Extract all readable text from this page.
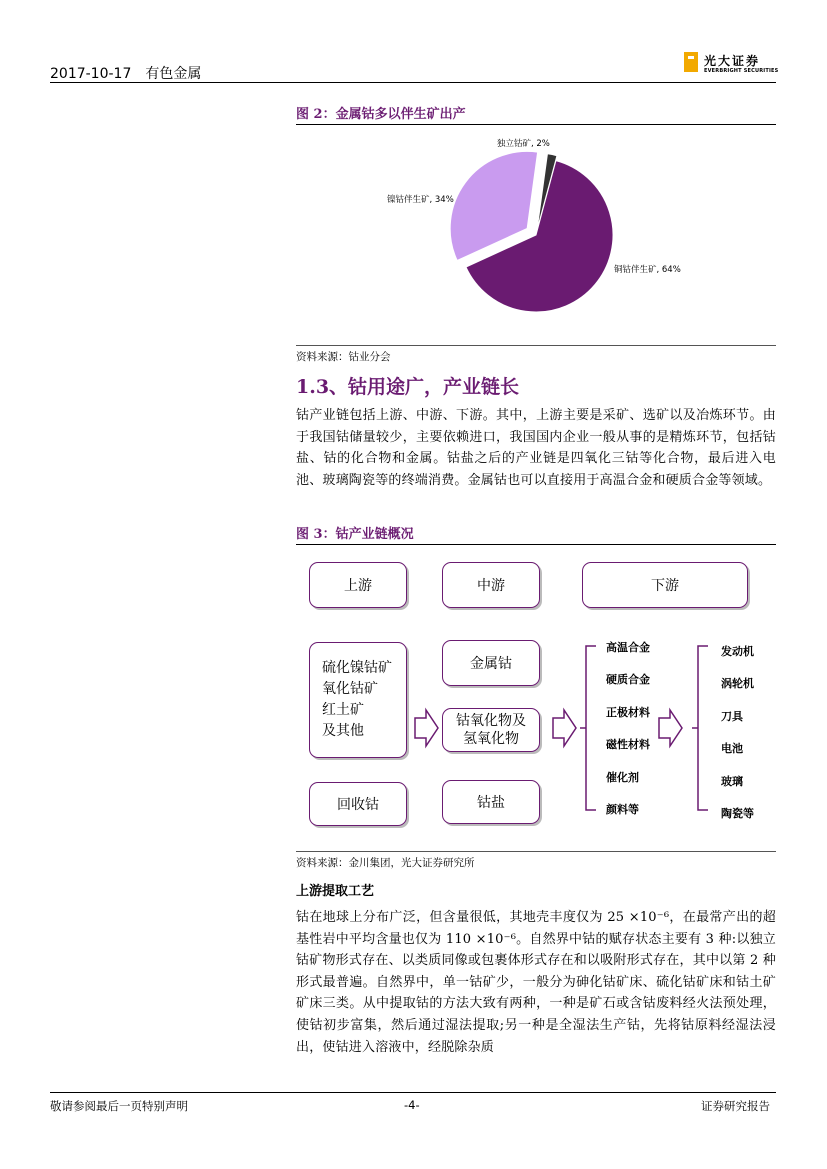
2017-10-17 有色金属
光大证券
EVERBRIGHT SECURITIES
图 2：金属钴多以伴生矿出产
独立钴矿, 2%
镍钴伴生矿, 34%
铜钴伴生矿, 64%
资料来源：钴业分会
1.3、钴用途广，产业链长
钴产业链包括上游、中游、下游。其中，上游主要是采矿、选矿以及冶炼环节。由于我国钴储量较少，主要依赖进口，我国国内企业一般从事的是精炼环节，包括钴盐、钴的化合物和金属。钴盐之后的产业链是四氧化三钴等化合物，最后进入电池、玻璃陶瓷等的终端消费。金属钴也可以直接用于高温合金和硬质合金等领域。
图 3：钴产业链概况
上游	中游	下游
硫化镍钴矿
氧化钴矿
红土矿
及其他
回收钴
金属钴
钴氧化物及
氢氧化物
钴盐
高温合金
硬质合金
正极材料
磁性材料
催化剂
颜料等
发动机
涡轮机
刀具
电池
玻璃
陶瓷等
资料来源：金川集团，光大证券研究所
上游提取工艺
钴在地球上分布广泛，但含量很低，其地壳丰度仅为 25 ×10⁻⁶，在最常产出的超基性岩中平均含量也仅为 110 ×10⁻⁶。自然界中钴的赋存状态主要有 3 种:以独立钴矿物形式存在、以类质同像或包裹体形式存在和以吸附形式存在，其中以第 2 种形式最普遍。自然界中，单一钴矿少，一般分为砷化钴矿床、硫化钴矿床和钴土矿矿床三类。从中提取钴的方法大致有两种，一种是矿石或含钴废料经火法预处理，使钴初步富集，然后通过湿法提取;另一种是全湿法生产钴，先将钴原料经湿法浸出，使钴进入溶液中，经脱除杂质
敬请参阅最后一页特别声明	-4-	证券研究报告
